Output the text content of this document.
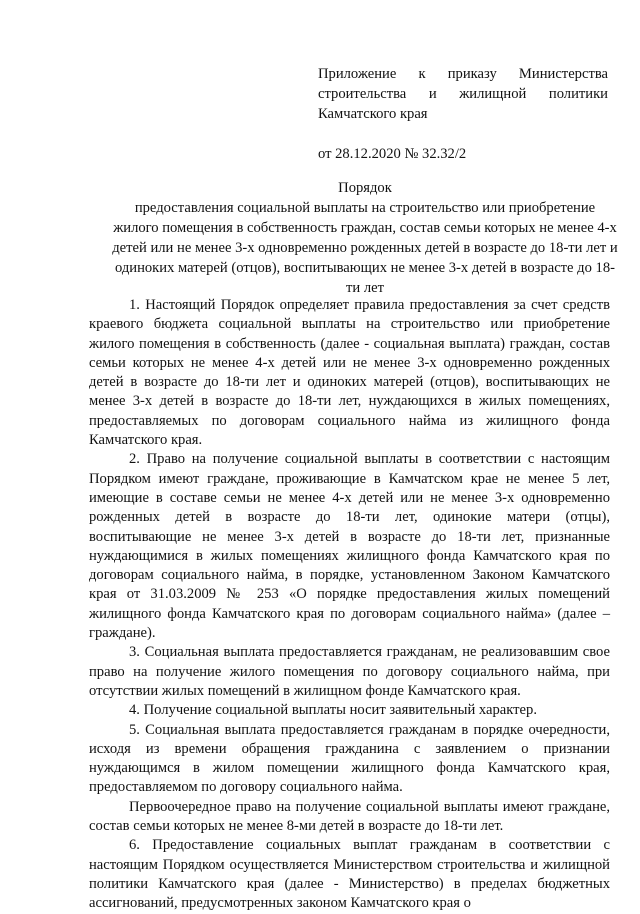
Приложение к приказу Министерства строительства и жилищной политики Камчатского края

от 28.12.2020 № 32.32/2

Порядок

предоставления социальной выплаты на строительство или приобретение жилого помещения в собственность граждан, состав семьи которых не менее 4-х детей или не менее 3-х одновременно рожденных детей в возрасте до 18-ти лет и одиноких матерей (отцов), воспитывающих не менее 3-х детей в возрасте до 18-ти лет

1. Настоящий Порядок определяет правила предоставления за счет средств краевого бюджета социальной выплаты на строительство или приобретение жилого помещения в собственность (далее - социальная выплата) граждан, состав семьи которых не менее 4-х детей или не менее 3-х одновременно рожденных детей в возрасте до 18-ти лет и одиноких матерей (отцов), воспитывающих не менее 3-х детей в возрасте до 18-ти лет, нуждающихся в жилых помещениях, предоставляемых по договорам социального найма из жилищного фонда Камчатского края.

2. Право на получение социальной выплаты в соответствии с настоящим Порядком имеют граждане, проживающие в Камчатском крае не менее 5 лет, имеющие в составе семьи не менее 4-х детей или не менее 3-х одновременно рожденных детей в возрасте до 18-ти лет, одинокие матери (отцы), воспитывающие не менее 3-х детей в возрасте до 18-ти лет, признанные нуждающимися в жилых помещениях жилищного фонда Камчатского края по договорам социального найма, в порядке, установленном Законом Камчатского края от 31.03.2009 № 253 «О порядке предоставления жилых помещений жилищного фонда Камчатского края по договорам социального найма» (далее – граждане).

3. Социальная выплата предоставляется гражданам, не реализовавшим свое право на получение жилого помещения по договору социального найма, при отсутствии жилых помещений в жилищном фонде Камчатского края.

4. Получение социальной выплаты носит заявительный характер.

5. Социальная выплата предоставляется гражданам в порядке очередности, исходя из времени обращения гражданина с заявлением о признании нуждающимся в жилом помещении жилищного фонда Камчатского края, предоставляемом по договору социального найма.

Первоочередное право на получение социальной выплаты имеют граждане, состав семьи которых не менее 8-ми детей в возрасте до 18-ти лет.

6. Предоставление социальных выплат гражданам в соответствии с настоящим Порядком осуществляется Министерством строительства и жилищной политики Камчатского края (далее - Министерство) в пределах бюджетных ассигнований, предусмотренных законом Камчатского края о
